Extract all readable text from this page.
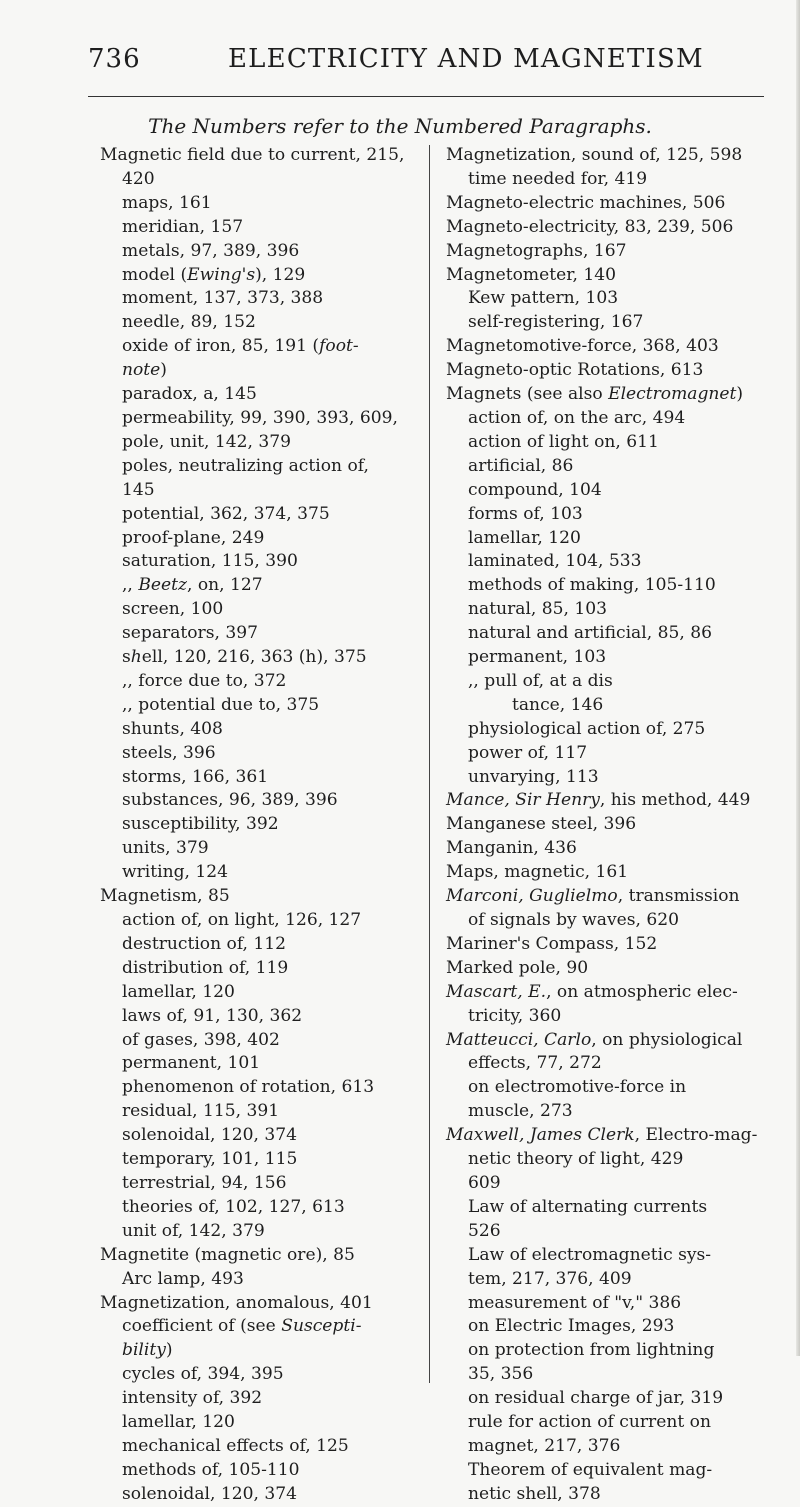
736	ELECTRICITY AND MAGNETISM
The Numbers refer to the Numbered Paragraphs.
Magnetic field due to current, 215,
420
maps, 161
meridian, 157
metals, 97, 389, 396
model (Ewing's), 129
moment, 137, 373, 388
needle, 89, 152
oxide of iron, 85, 191 (foot-
note)
paradox, a, 145
permeability, 99, 390, 393, 609,
pole, unit, 142, 379
poles, neutralizing action of,
145
potential, 362, 374, 375
proof-plane, 249
saturation, 115, 390
,, Beetz, on, 127
screen, 100
separators, 397
shell, 120, 216, 363 (h), 375
,, force due to, 372
,, potential due to, 375
shunts, 408
steels, 396
storms, 166, 361
substances, 96, 389, 396
susceptibility, 392
units, 379
writing, 124
Magnetism, 85
action of, on light, 126, 127
destruction of, 112
distribution of, 119
lamellar, 120
laws of, 91, 130, 362
of gases, 398, 402
permanent, 101
phenomenon of rotation, 613
residual, 115, 391
solenoidal, 120, 374
temporary, 101, 115
terrestrial, 94, 156
theories of, 102, 127, 613
unit of, 142, 379
Magnetite (magnetic ore), 85
Arc lamp, 493
Magnetization, anomalous, 401
coefficient of (see Suscepti-
bility)
cycles of, 394, 395
intensity of, 392
lamellar, 120
mechanical effects of, 125
methods of, 105-110
solenoidal, 120, 374
Magnetization, sound of, 125, 598
time needed for, 419
Magneto-electric machines, 506
Magneto-electricity, 83, 239, 506
Magnetographs, 167
Magnetometer, 140
Kew pattern, 103
self-registering, 167
Magnetomotive-force, 368, 403
Magneto-optic Rotations, 613
Magnets (see also Electromagnet)
action of, on the arc, 494
action of light on, 611
artificial, 86
compound, 104
forms of, 103
lamellar, 120
laminated, 104, 533
methods of making, 105-110
natural, 85, 103
natural and artificial, 85, 86
permanent, 103
,, pull of, at a dis
tance, 146
physiological action of, 275
power of, 117
unvarying, 113
Mance, Sir Henry, his method, 449
Manganese steel, 396
Manganin, 436
Maps, magnetic, 161
Marconi, Guglielmo, transmission
of signals by waves, 620
Mariner's Compass, 152
Marked pole, 90
Mascart, E., on atmospheric elec-
tricity, 360
Matteucci, Carlo, on physiological
effects, 77, 272
on electromotive-force in
muscle, 273
Maxwell, James Clerk, Electro-mag-
netic theory of light, 429
609
Law of alternating currents
526
Law of electromagnetic sys-
tem, 217, 376, 409
measurement of "v," 386
on Electric Images, 293
on protection from lightning
35, 356
on residual charge of jar, 319
rule for action of current on
magnet, 217, 376
Theorem of equivalent mag-
netic shell, 378
